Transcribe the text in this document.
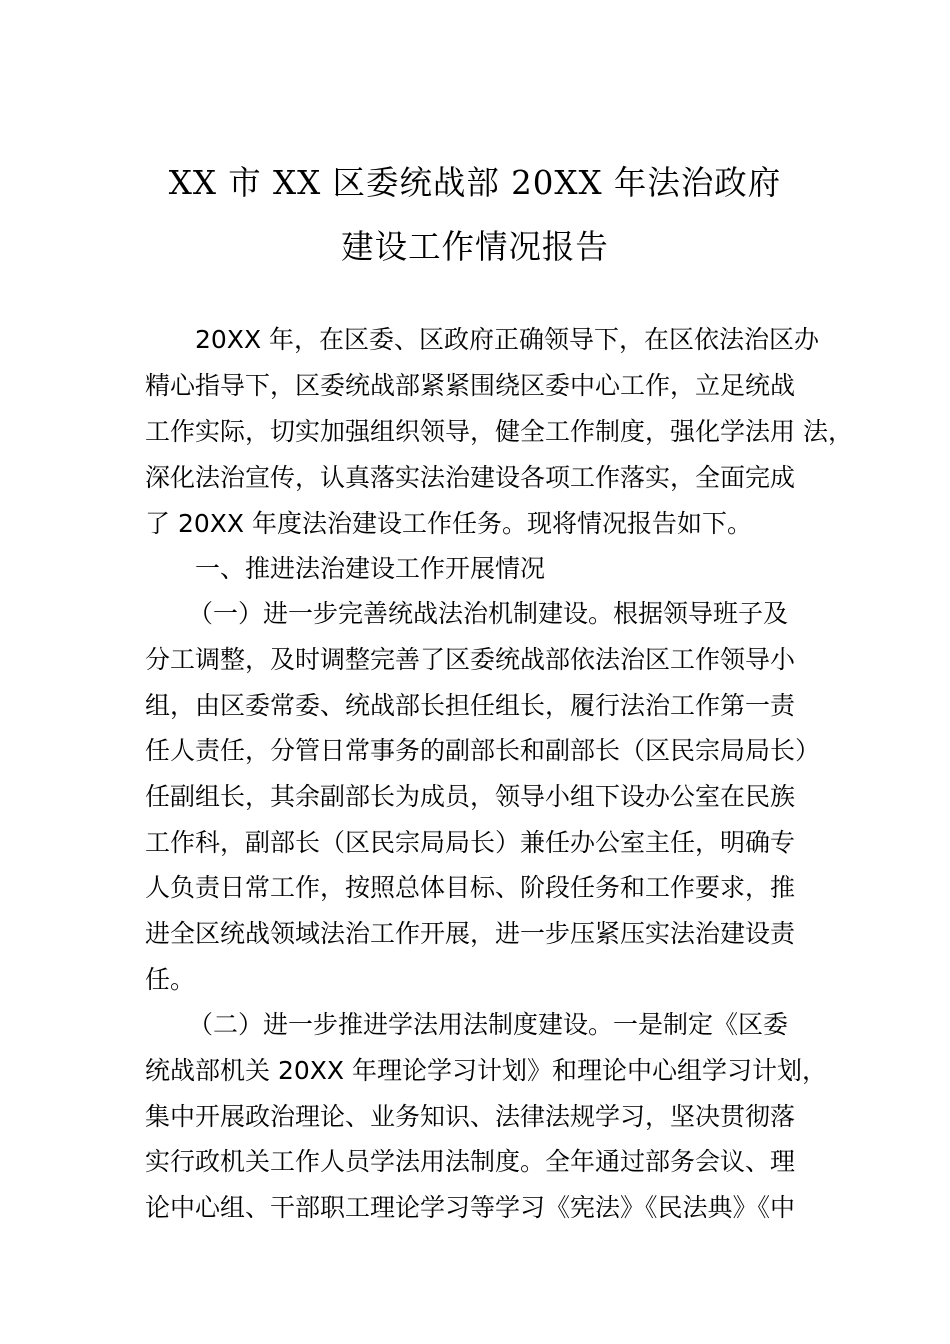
XX 市 XX 区委统战部 20XX 年法治政府
建设工作情况报告
20XX 年，在区委、区政府正确领导下，在区依法治区办
精心指导下，区委统战部紧紧围绕区委中心工作，立足统战
工作实际，切实加强组织领导，健全工作制度，强化学法用 法，
深化法治宣传，认真落实法治建设各项工作落实，全面完成
了 20XX 年度法治建设工作任务。现将情况报告如下。
一、推进法治建设工作开展情况
（一）进一步完善统战法治机制建设。根据领导班子及
分工调整，及时调整完善了区委统战部依法治区工作领导小
组，由区委常委、统战部长担任组长，履行法治工作第一责
任人责任，分管日常事务的副部长和副部长（区民宗局局长）
任副组长，其余副部长为成员，领导小组下设办公室在民族
工作科，副部长（区民宗局局长）兼任办公室主任，明确专
人负责日常工作，按照总体目标、阶段任务和工作要求，推
进全区统战领域法治工作开展，进一步压紧压实法治建设责
任。
（二）进一步推进学法用法制度建设。一是制定《区委
统战部机关 20XX 年理论学习计划》和理论中心组学习计划，
集中开展政治理论、业务知识、法律法规学习，坚决贯彻落
实行政机关工作人员学法用法制度。全年通过部务会议、理
论中心组、干部职工理论学习等学习《宪法》《民法典》《中
